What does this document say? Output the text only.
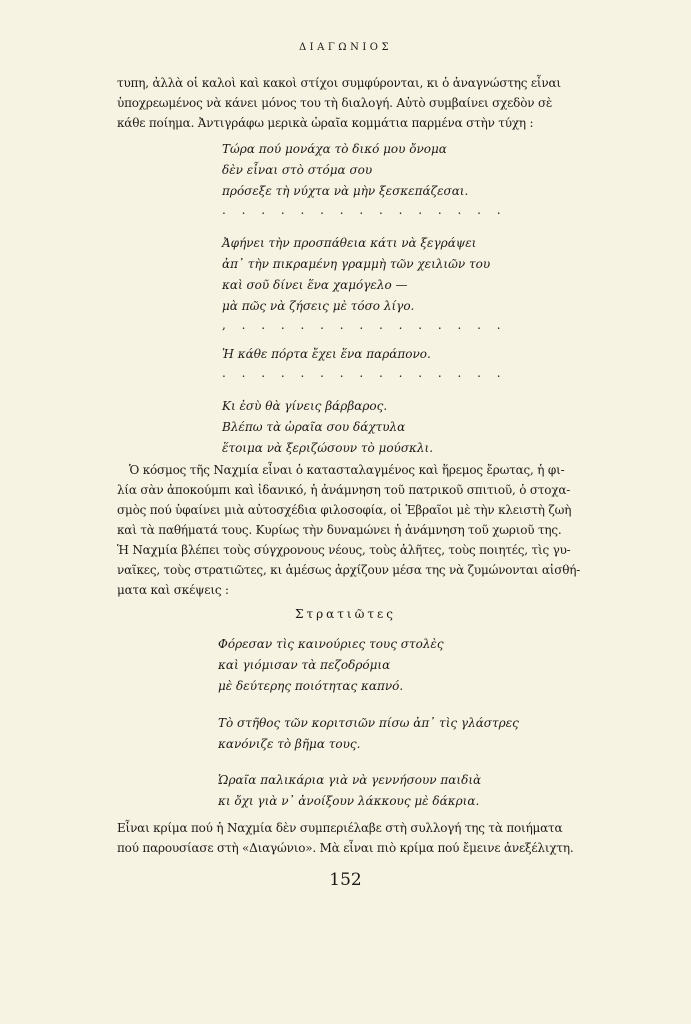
ΔΙΑΓΩΝΙΟΣ

τυπη, ἀλλὰ οἱ καλοὶ καὶ κακοὶ στίχοι συμφύρονται, κι ὁ ἀναγνώστης εἶναι

ὑποχρεωμένος νὰ κάνει μόνος του τὴ διαλογή. Αὐτὸ συμβαίνει σχεδὸν σὲ

κάθε ποίημα. Ἀντιγράφω μερικὰ ὡραῖα κομμάτια παρμένα στὴν τύχη :

Τώρα πού μονάχα τὸ δικό μου ὄνομα
δὲν εἶναι στὸ στόμα σου
πρόσεξε τὴ νύχτα νὰ μὴν ξεσκεπάζεσαι.
. . . . . . . . . . . . . . .
Ἀφήνει τὴν προσπάθεια κάτι νὰ ξεγράψει
ἀπ᾽ τὴν πικραμένη γραμμὴ τῶν χειλιῶν του
καὶ σοῦ δίνει ἕνα χαμόγελο —
μὰ πῶς νὰ ζήσεις μὲ τόσο λίγο.
, . . . . . . . . . . . . . .
Ἡ κάθε πόρτα ἔχει ἕνα παράπονο.
. . . . . . . . . . . . . . .
Κι ἐσὺ θὰ γίνεις βάρβαρος.
Βλέπω τὰ ὡραῖα σου δάχτυλα
ἕτοιμα νὰ ξεριζώσουν τὸ μούσκλι.

Ὁ κόσμος τῆς Ναχμία εἶναι ὁ κατασταλαγμένος καὶ ἥρεμος ἔρωτας, ἡ φι-

λία σὰν ἀποκούμπι καὶ ἰδανικό, ἡ ἀνάμνηση τοῦ πατρικοῦ σπιτιοῦ, ὁ στοχα-

σμὸς πού ὑφαίνει μιὰ αὐτοσχέδια φιλοσοφία, οἱ Ἑβραῖοι μὲ τὴν κλειστὴ ζωὴ

καὶ τὰ παθήματά τους. Κυρίως τὴν δυναμώνει ἡ ἀνάμνηση τοῦ χωριοῦ της.

Ἡ Ναχμία βλέπει τοὺς σύγχρονους νέους, τοὺς ἀλῆτες, τοὺς ποιητές, τὶς γυ-

ναῖκες, τοὺς στρατιῶτες, κι ἀμέσως ἀρχίζουν μέσα της νὰ ζυμώνονται αἰσθή-

ματα καὶ σκέψεις :

Στρατιῶτες
Φόρεσαν τὶς καινούριες τους στολὲς
καὶ γιόμισαν τὰ πεζοδρόμια
μὲ δεύτερης ποιότητας καπνό.
Τὸ στῆθος τῶν κοριτσιῶν πίσω ἀπ᾽ τὶς γλάστρες
κανόνιζε τὸ βῆμα τους.
Ὡραῖα παλικάρια γιὰ νὰ γεννήσουν παιδιὰ
κι ὄχι γιὰ ν᾽ ἀνοίξουν λάκκους μὲ δάκρια.

Εἶναι κρίμα πού ἡ Ναχμία δὲν συμπεριέλαβε στὴ συλλογή της τὰ ποιήματα

πού παρουσίασε στὴ «Διαγώνιο». Μὰ εἶναι πιὸ κρίμα πού ἔμεινε ἀνεξέλιχτη.

152
